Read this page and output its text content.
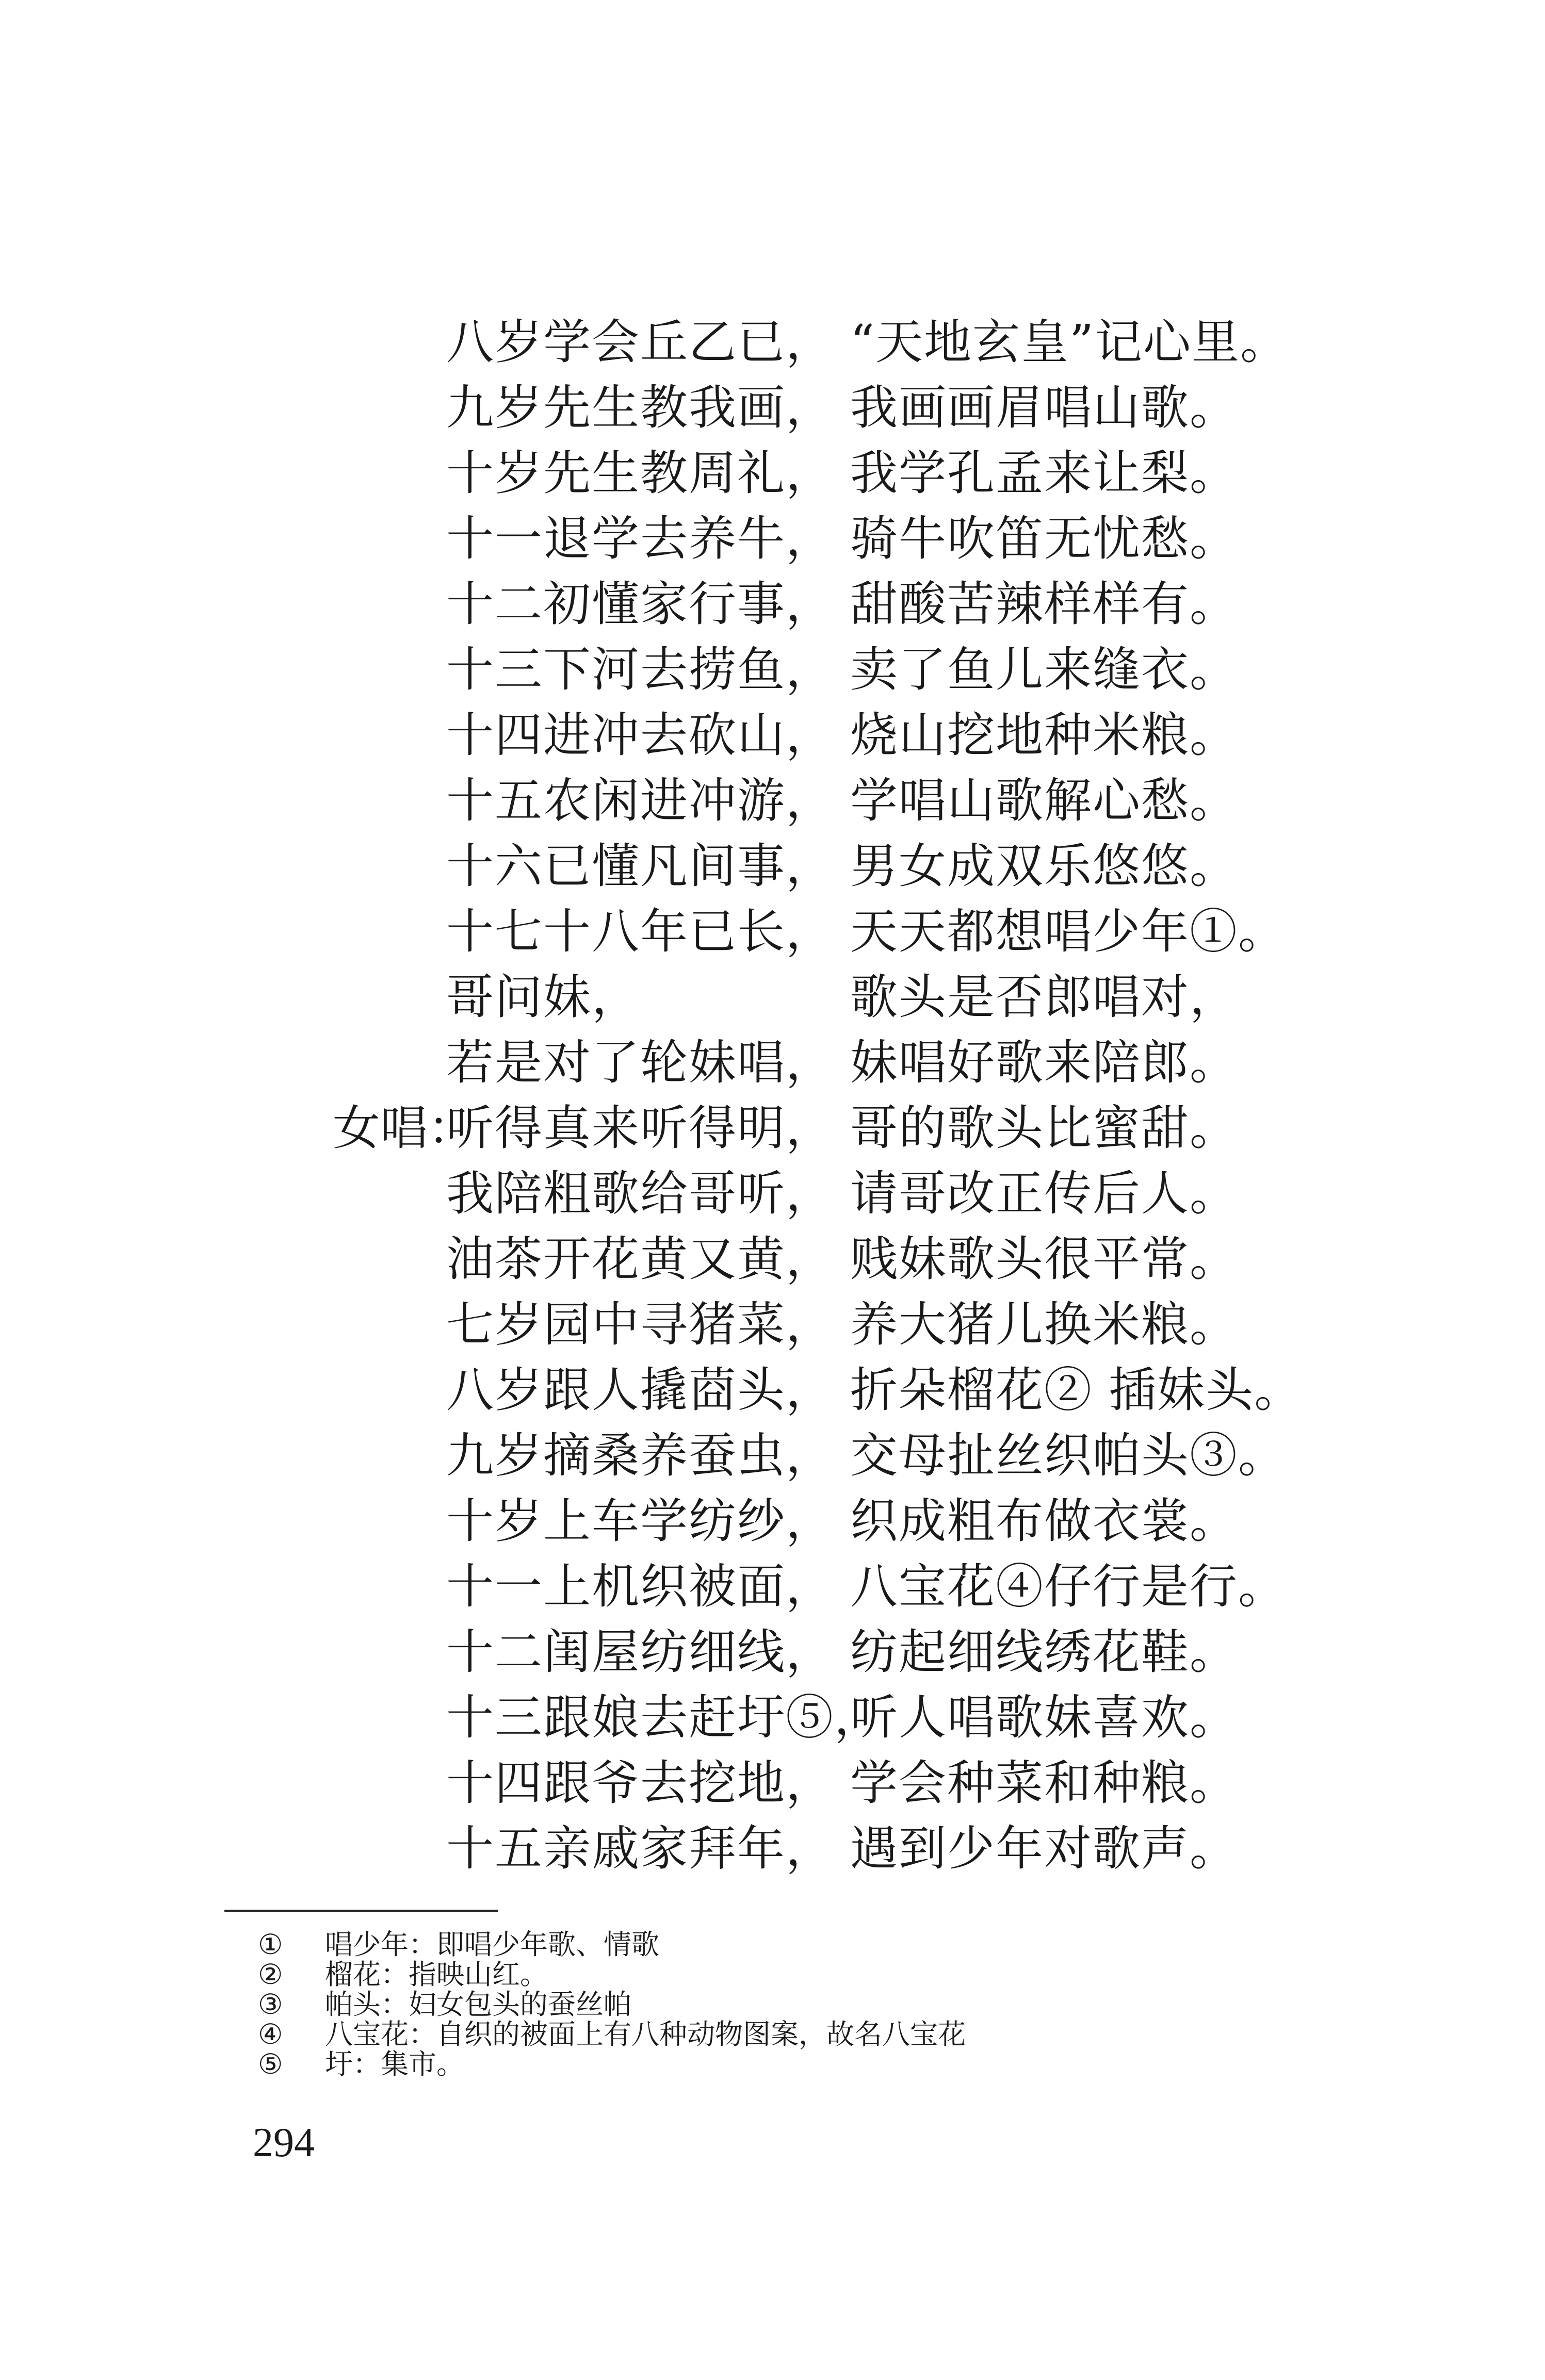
八岁学会丘乙已， “天地玄皇”记心里。
九岁先生教我画， 我画画眉唱山歌。
十岁先生教周礼， 我学孔孟来让梨。
十一退学去养牛， 骑牛吹笛无忧愁。
十二初懂家行事， 甜酸苦辣样样有。
十三下河去捞鱼， 卖了鱼儿来缝衣。
十四进冲去砍山， 烧山挖地种米粮。
十五农闲进冲游， 学唱山歌解心愁。
十六已懂凡间事， 男女成双乐悠悠。
十七十八年已长， 天天都想唱少年①。
哥问妹，	歌头是否郎唱对，
若是对了轮妹唱， 妹唱好歌来陪郎。
女唱：
听得真来听得明， 哥的歌头比蜜甜。
我陪粗歌给哥听， 请哥改正传后人。
油茶开花黄又黄， 贱妹歌头很平常。
七岁园中寻猪菜， 养大猪儿换米粮。
八岁跟人撬莔头， 折朵榴花② 插妹头。
九岁摘桑养蚕虫， 交母扯丝织帕头③。
十岁上车学纺纱， 织成粗布做衣裳。
十一上机织被面， 八宝花④仔行是行。
十二闺屋纺细线， 纺起细线绣花鞋。
十三跟娘去赶圩⑤，
听人唱歌妹喜欢。
十四跟爷去挖地， 学会种菜和种粮。
十五亲戚家拜年， 遇到少年对歌声。
① 唱少年：即唱少年歌、情歌
② 榴花：指映山红。
③ 帕头：妇女包头的蚕丝帕
④ 八宝花：自织的被面上有八种动物图案，故名八宝花
⑤ 圩：集市。
294
